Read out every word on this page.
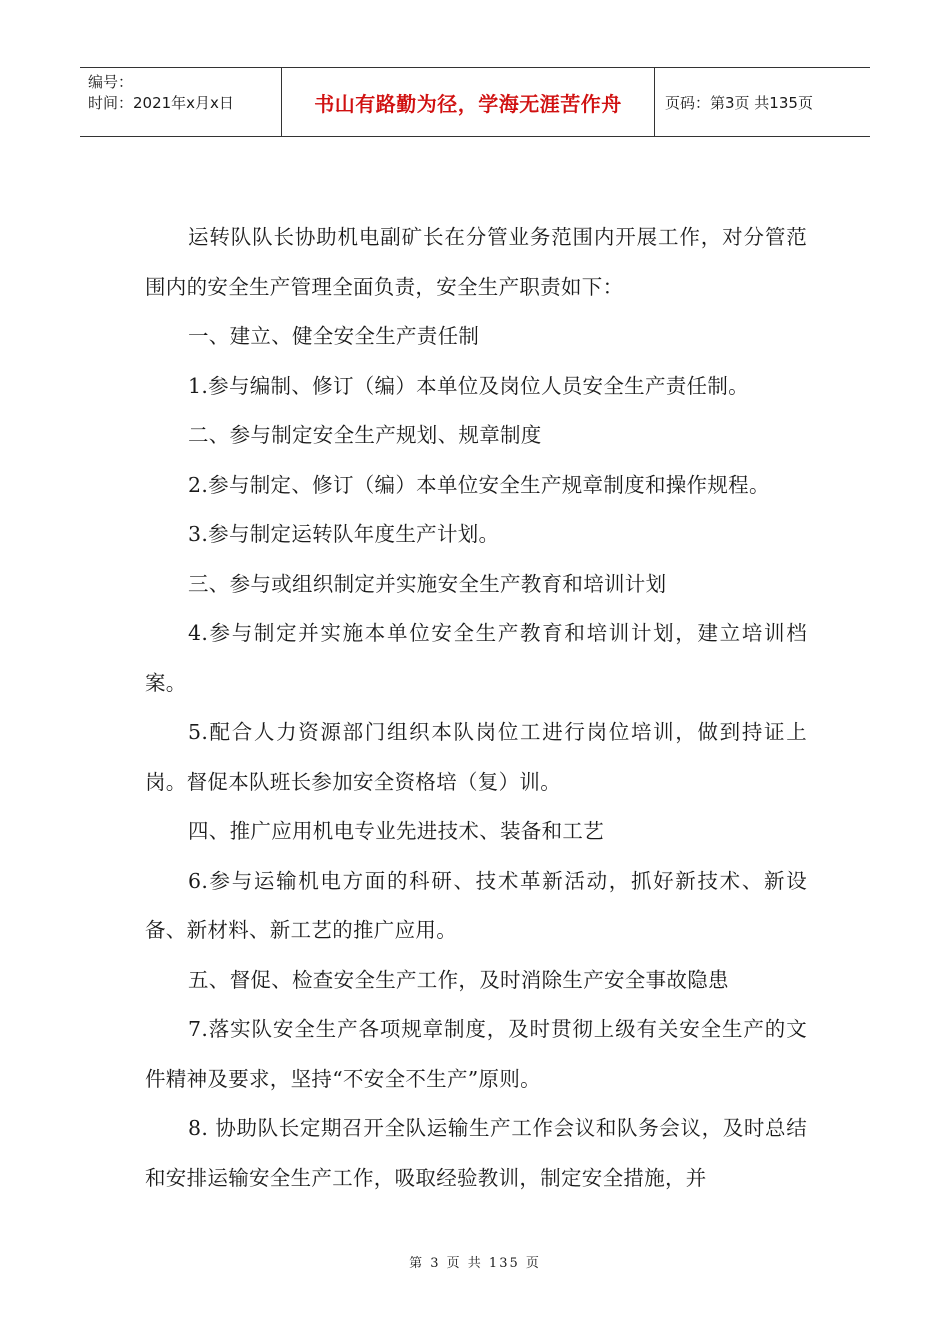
编号：
时间：2021年x月x日	书山有路勤为径，学海无涯苦作舟	页码：第3页 共135页

运转队队长协助机电副矿长在分管业务范围内开展工作，对分管范围内的安全生产管理全面负责，安全生产职责如下：

一、建立、健全安全生产责任制

1.参与编制、修订（编）本单位及岗位人员安全生产责任制。

二、参与制定安全生产规划、规章制度

2.参与制定、修订（编）本单位安全生产规章制度和操作规程。

3.参与制定运转队年度生产计划。

三、参与或组织制定并实施安全生产教育和培训计划

4.参与制定并实施本单位安全生产教育和培训计划，建立培训档案。

5.配合人力资源部门组织本队岗位工进行岗位培训，做到持证上岗。督促本队班长参加安全资格培（复）训。

四、推广应用机电专业先进技术、装备和工艺

6.参与运输机电方面的科研、技术革新活动，抓好新技术、新设备、新材料、新工艺的推广应用。

五、督促、检查安全生产工作，及时消除生产安全事故隐患

7.落实队安全生产各项规章制度，及时贯彻上级有关安全生产的文件精神及要求，坚持“不安全不生产”原则。

8. 协助队长定期召开全队运输生产工作会议和队务会议，及时总结和安排运输安全生产工作，吸取经验教训，制定安全措施，并

第 3 页 共 135 页
